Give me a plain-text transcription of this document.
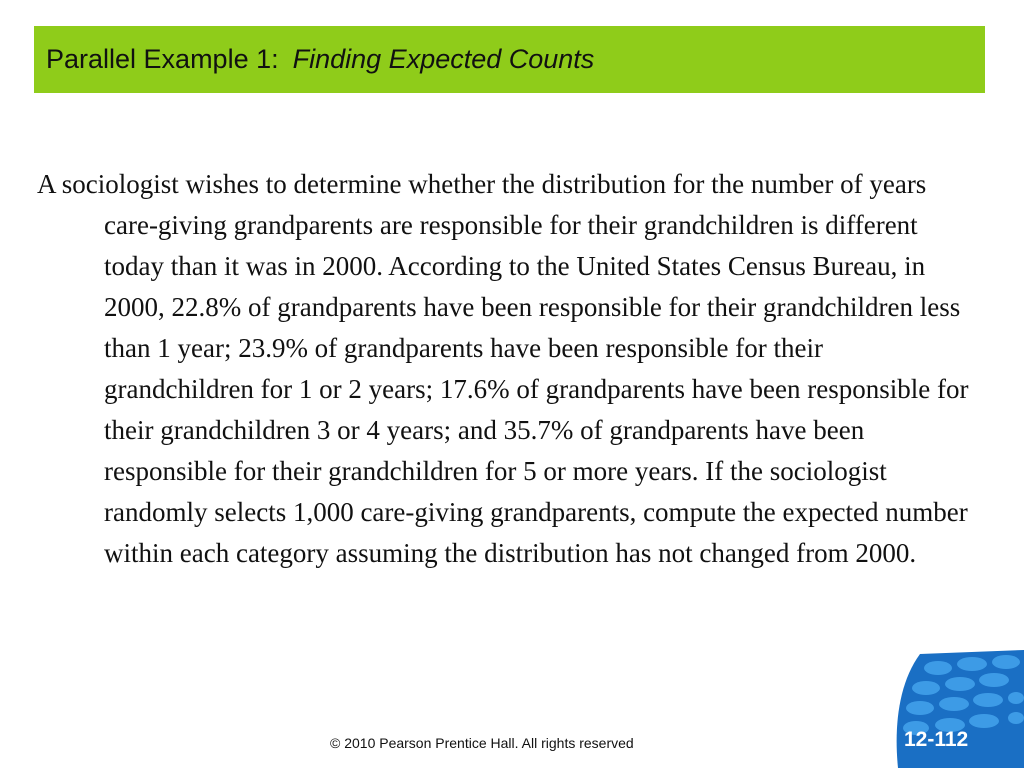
Parallel Example 1: Finding Expected Counts
A sociologist wishes to determine whether the distribution for the number of years care-giving grandparents are responsible for their grandchildren is different today than it was in 2000. According to the United States Census Bureau, in 2000, 22.8% of grandparents have been responsible for their grandchildren less than 1 year; 23.9% of grandparents have been responsible for their grandchildren for 1 or 2 years; 17.6% of grandparents have been responsible for their grandchildren 3 or 4 years; and 35.7% of grandparents have been responsible for their grandchildren for 5 or more years. If the sociologist randomly selects 1,000 care-giving grandparents, compute the expected number within each category assuming the distribution has not changed from 2000.
© 2010 Pearson Prentice Hall. All rights reserved	12-112
